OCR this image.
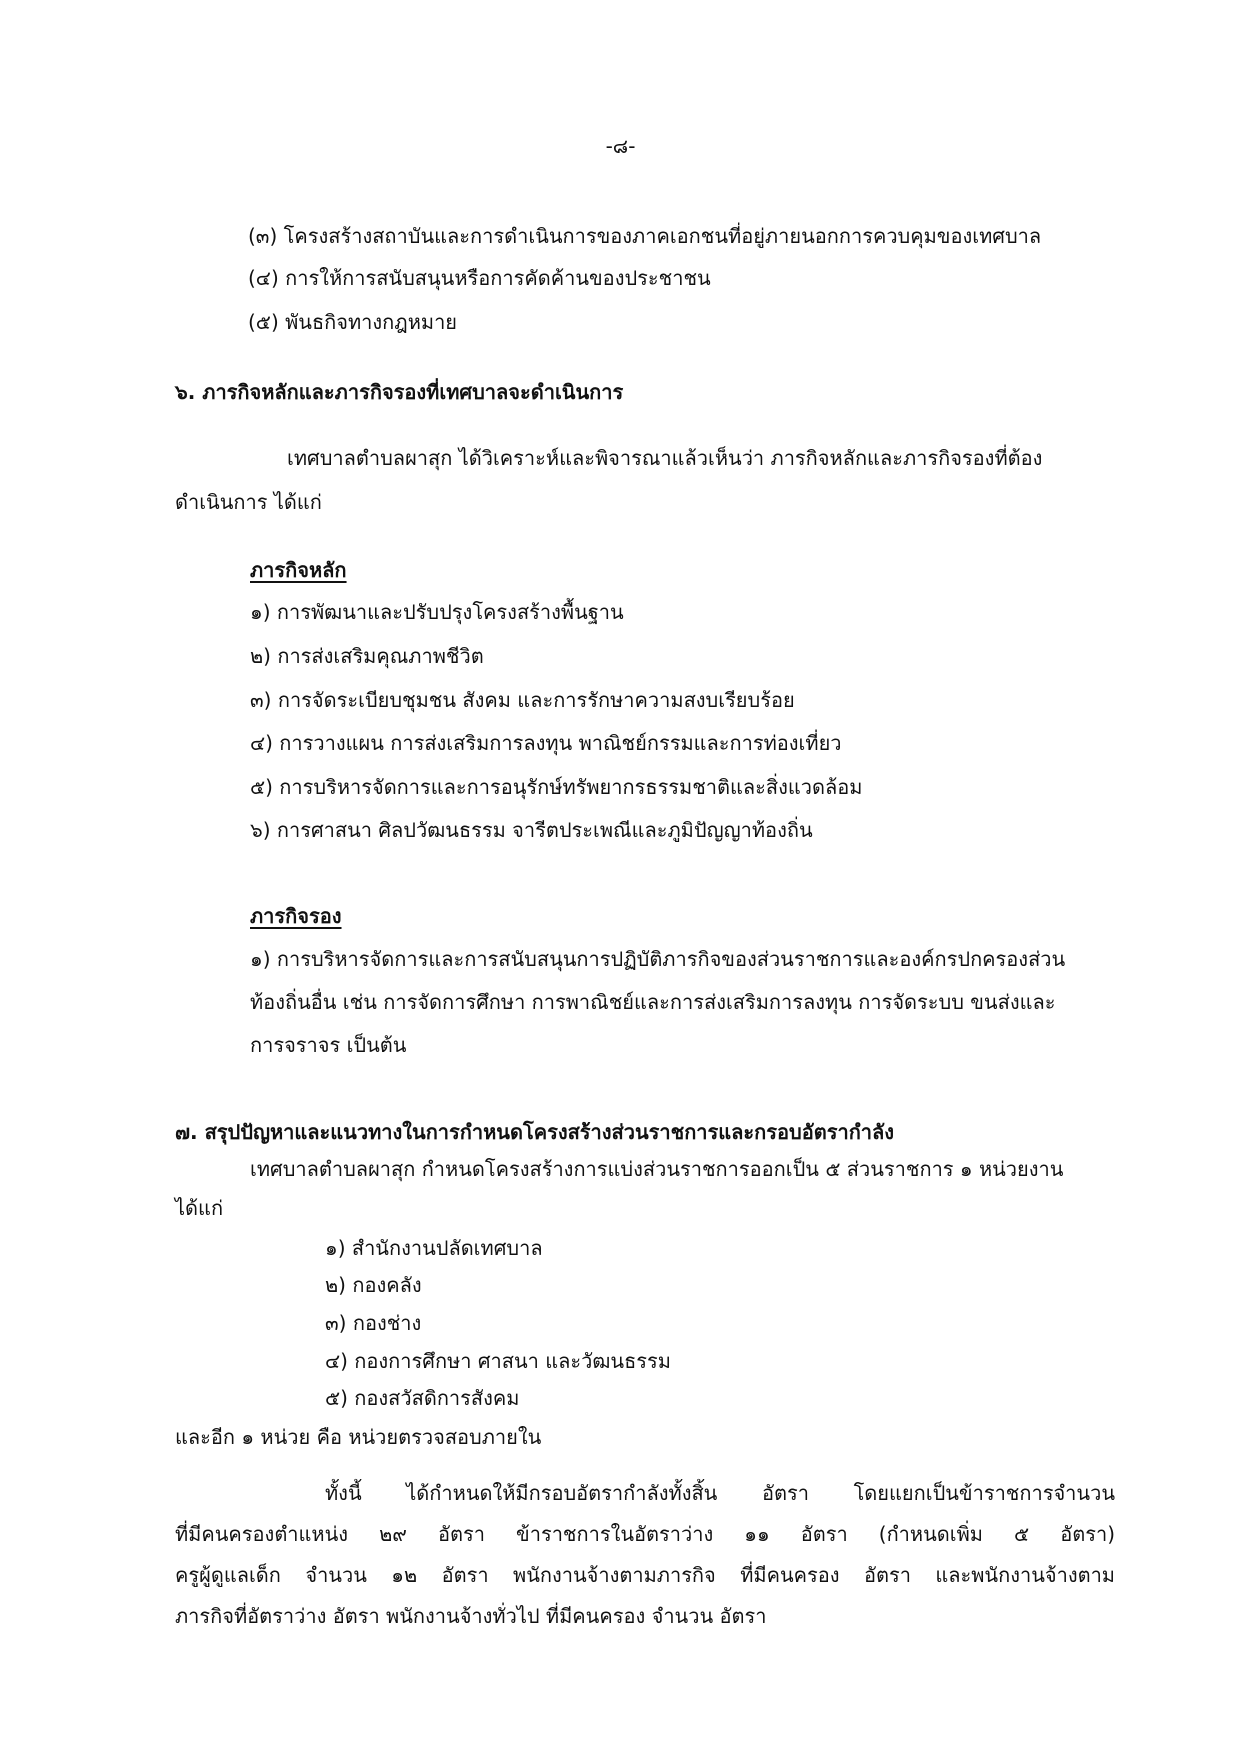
-๘-
(๓) โครงสร้างสถาบันและการดำเนินการของภาคเอกชนที่อยู่ภายนอกการควบคุมของเทศบาล
(๔) การให้การสนับสนุนหรือการคัดค้านของประชาชน
(๕) พันธกิจทางกฎหมาย
๖. ภารกิจหลักและภารกิจรองที่เทศบาลจะดำเนินการ
เทศบาลตำบลผาสุก ได้วิเคราะห์และพิจารณาแล้วเห็นว่า ภารกิจหลักและภารกิจรองที่ต้อง
ดำเนินการ ได้แก่
ภารกิจหลัก
๑) การพัฒนาและปรับปรุงโครงสร้างพื้นฐาน
๒) การส่งเสริมคุณภาพชีวิต
๓) การจัดระเบียบชุมชน สังคม และการรักษาความสงบเรียบร้อย
๔) การวางแผน การส่งเสริมการลงทุน พาณิชย์กรรมและการท่องเที่ยว
๕) การบริหารจัดการและการอนุรักษ์ทรัพยากรธรรมชาติและสิ่งแวดล้อม
๖) การศาสนา ศิลปวัฒนธรรม จารีตประเพณีและภูมิปัญญาท้องถิ่น
ภารกิจรอง
๑) การบริหารจัดการและการสนับสนุนการปฏิบัติภารกิจของส่วนราชการและองค์กรปกครองส่วน
ท้องถิ่นอื่น เช่น การจัดการศึกษา การพาณิชย์และการส่งเสริมการลงทุน การจัดระบบ ขนส่งและ
การจราจร เป็นต้น
๗. สรุปปัญหาและแนวทางในการกำหนดโครงสร้างส่วนราชการและกรอบอัตรากำลัง
เทศบาลตำบลผาสุก กำหนดโครงสร้างการแบ่งส่วนราชการออกเป็น ๕ ส่วนราชการ ๑ หน่วยงาน
ได้แก่
๑) สำนักงานปลัดเทศบาล
๒) กองคลัง
๓) กองช่าง
๔) กองการศึกษา ศาสนา และวัฒนธรรม
๕) กองสวัสดิการสังคม
และอีก ๑ หน่วย คือ หน่วยตรวจสอบภายใน
ทั้งนี้ ได้กำหนดให้มีกรอบอัตรากำลังทั้งสิ้น อัตรา โดยแยกเป็นข้าราชการจำนวน
ที่มีคนครองตำแหน่ง ๒๙ อัตรา ข้าราชการในอัตราว่าง ๑๑ อัตรา (กำหนดเพิ่ม ๕ อัตรา)
ครูผู้ดูแลเด็ก จำนวน ๑๒ อัตรา พนักงานจ้างตามภารกิจ ที่มีคนครอง อัตรา และพนักงานจ้างตาม
ภารกิจที่อัตราว่าง อัตรา พนักงานจ้างทั่วไป ที่มีคนครอง จำนวน อัตรา
